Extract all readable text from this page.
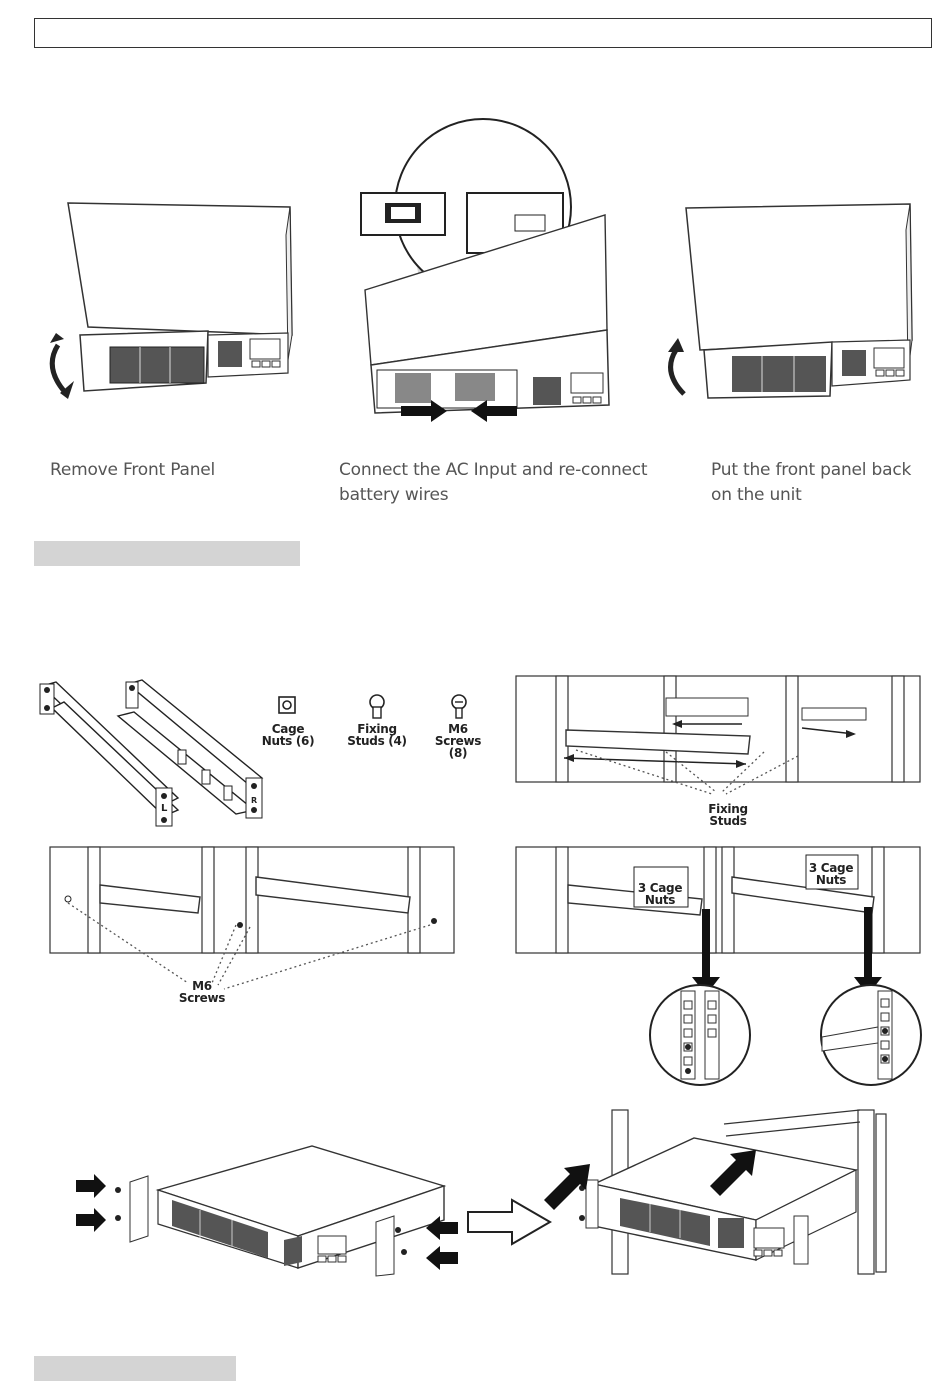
Remove Front Panel	Connect the AC Input and re-connect
battery wires
Put the front panel back
on the unit
L
R
Cage
Nuts (6)
Fixing
Studs (4)
M6
Screws (8)
Fixing
Studs
M6
Screws
3 Cage
Nuts
3 Cage
Nuts
